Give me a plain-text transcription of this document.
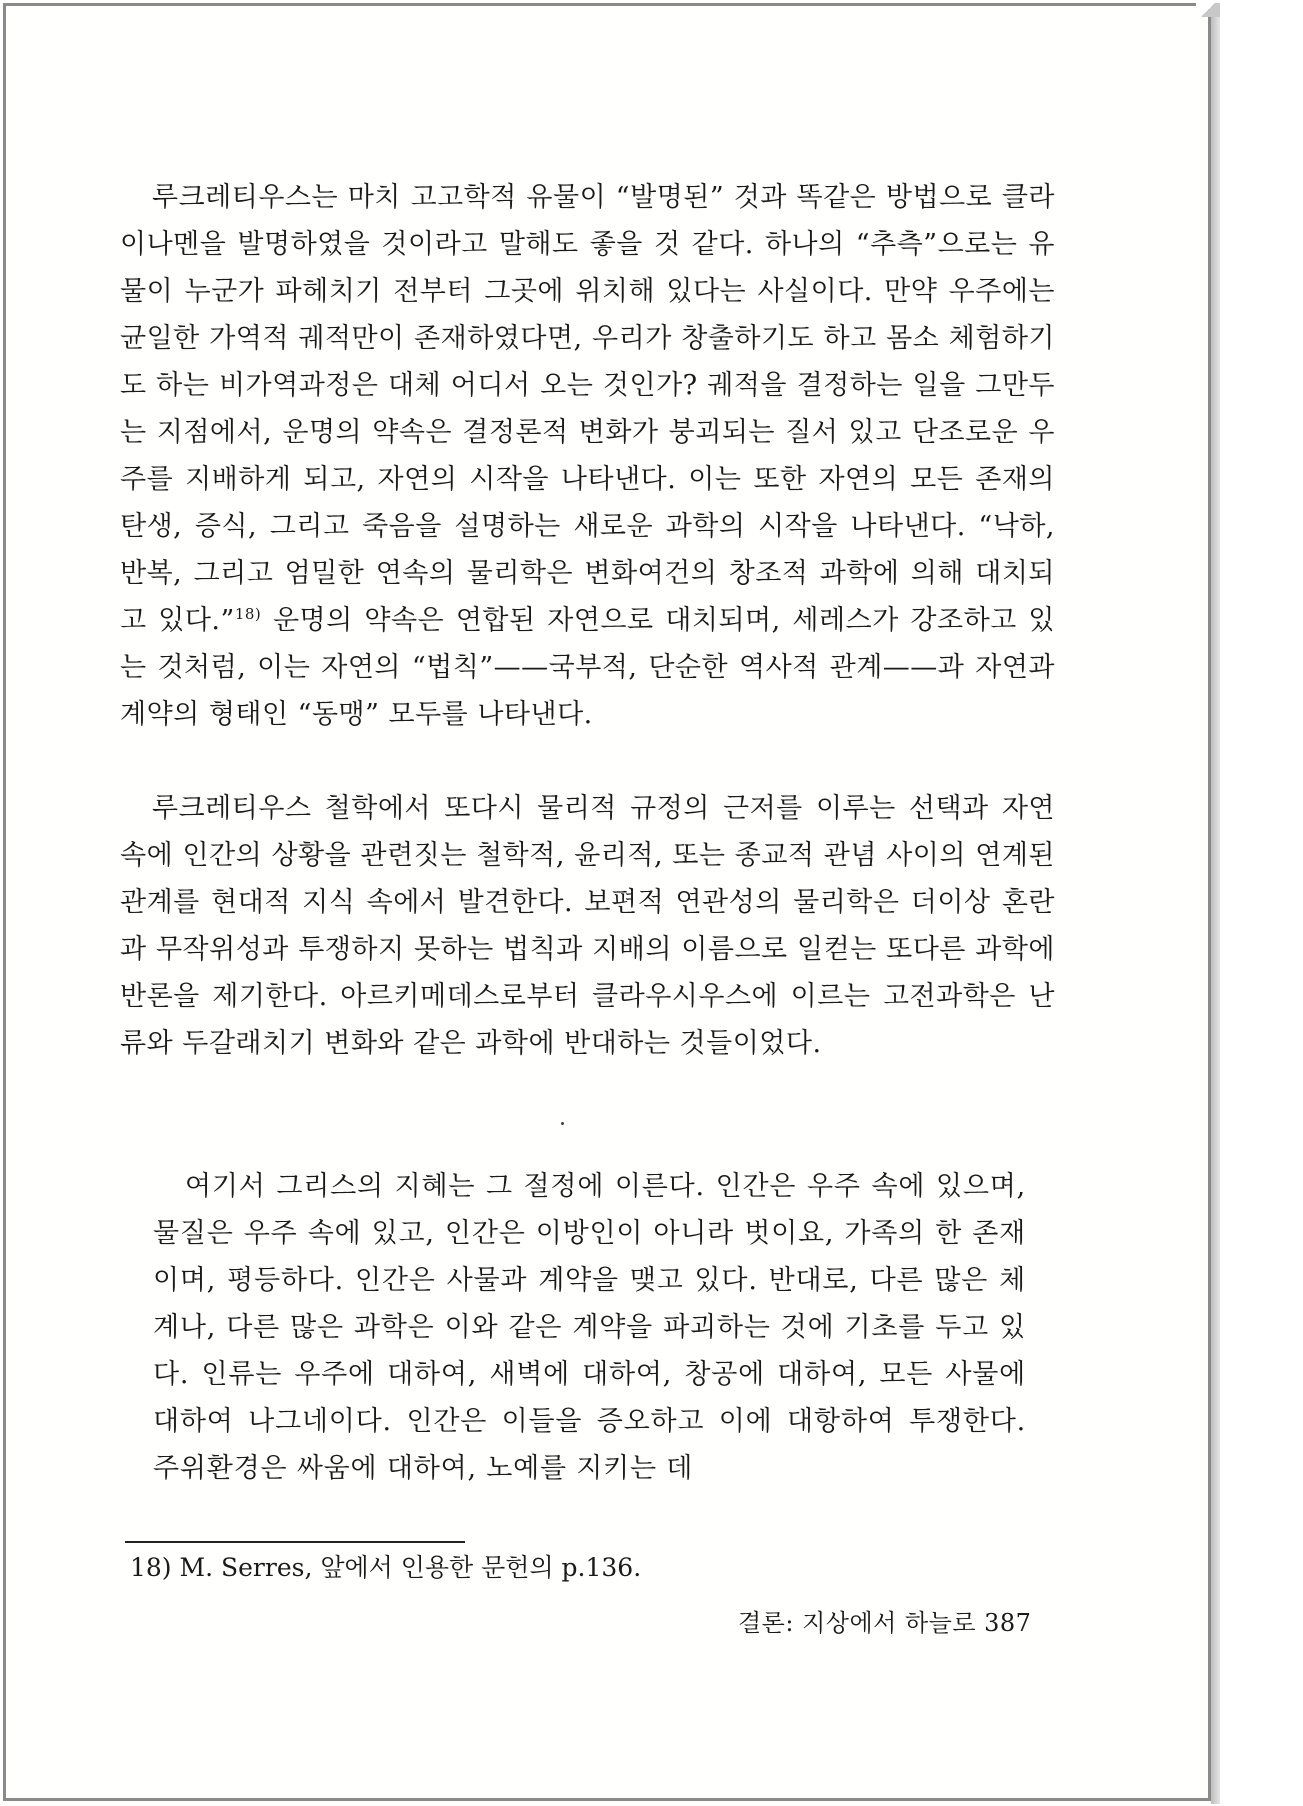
루크레티우스는 마치 고고학적 유물이 “발명된” 것과 똑같은 방법으로 클라이나멘을 발명하였을 것이라고 말해도 좋을 것 같다. 하나의 “추측”으로는 유물이 누군가 파헤치기 전부터 그곳에 위치해 있다는 사실이다. 만약 우주에는 균일한 가역적 궤적만이 존재하였다면, 우리가 창출하기도 하고 몸소 체험하기도 하는 비가역과정은 대체 어디서 오는 것인가? 궤적을 결정하는 일을 그만두는 지점에서, 운명의 약속은 결정론적 변화가 붕괴되는 질서 있고 단조로운 우주를 지배하게 되고, 자연의 시작을 나타낸다. 이는 또한 자연의 모든 존재의 탄생, 증식, 그리고 죽음을 설명하는 새로운 과학의 시작을 나타낸다. “낙하, 반복, 그리고 엄밀한 연속의 물리학은 변화여건의 창조적 과학에 의해 대치되고 있다.”$^{18)}$ 운명의 약속은 연합된 자연으로 대치되며, 세레스가 강조하고 있는 것처럼, 이는 자연의 “법칙”——국부적, 단순한 역사적 관계——과 자연과 계약의 형태인 “동맹” 모두를 나타낸다.
루크레티우스 철학에서 또다시 물리적 규정의 근저를 이루는 선택과 자연 속에 인간의 상황을 관련짓는 철학적, 윤리적, 또는 종교적 관념 사이의 연계된 관계를 현대적 지식 속에서 발견한다. 보편적 연관성의 물리학은 더이상 혼란과 무작위성과 투쟁하지 못하는 법칙과 지배의 이름으로 일컫는 또다른 과학에 반론을 제기한다. 아르키메데스로부터 클라우시우스에 이르는 고전과학은 난류와 두갈래치기 변화와 같은 과학에 반대하는 것들이었다.
여기서 그리스의 지혜는 그 절정에 이른다. 인간은 우주 속에 있으며, 물질은 우주 속에 있고, 인간은 이방인이 아니라 벗이요, 가족의 한 존재이며, 평등하다. 인간은 사물과 계약을 맺고 있다. 반대로, 다른 많은 체계나, 다른 많은 과학은 이와 같은 계약을 파괴하는 것에 기초를 두고 있다. 인류는 우주에 대하여, 새벽에 대하여, 창공에 대하여, 모든 사물에 대하여 나그네이다. 인간은 이들을 증오하고 이에 대항하여 투쟁한다. 주위환경은 싸움에 대하여, 노예를 지키는 데
18) M. Serres, 앞에서 인용한 문헌의 p.136.
결론: 지상에서 하늘로 387
